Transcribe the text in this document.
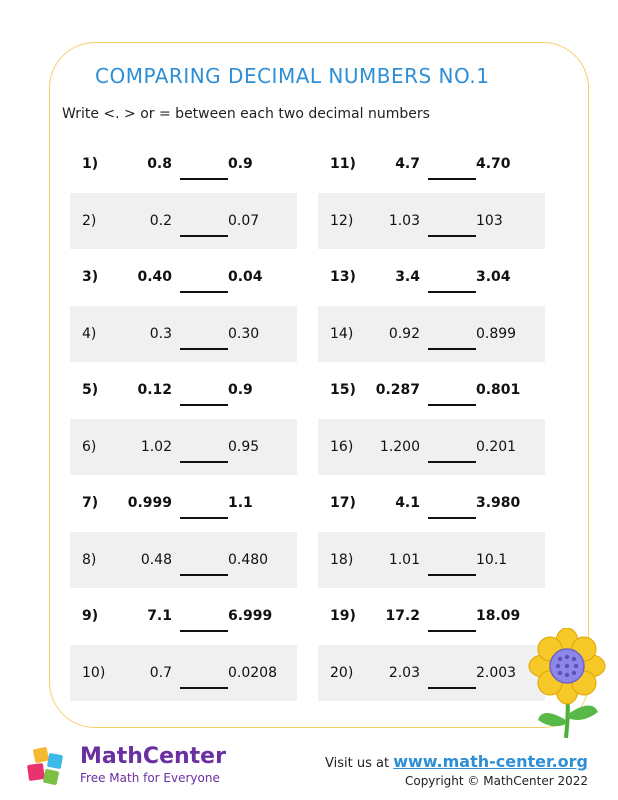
COMPARING DECIMAL NUMBERS NO.1
Write <. > or = between each two decimal numbers
1)	0.8	0.9
2)	0.2	0.07
3)	0.40	0.04
4)	0.3	0.30
5)	0.12	0.9
6)	1.02	0.95
7) 0.999	1.1
8)	0.48	0.480
9)	7.1	6.999
10)	0.7	0.0208
11)	4.7	4.70
12)	1.03	103
13)	3.4	3.04
14)	0.92	0.899
15) 0.287	0.801
16) 1.200	0.201
17)	4.1	3.980
18)	1.01	10.1
19) 17.2	18.09
20)	2.03	2.003
MathCenter
Free Math for Everyone
Visit us at www.math-center.org
Copyright © MathCenter 2022
